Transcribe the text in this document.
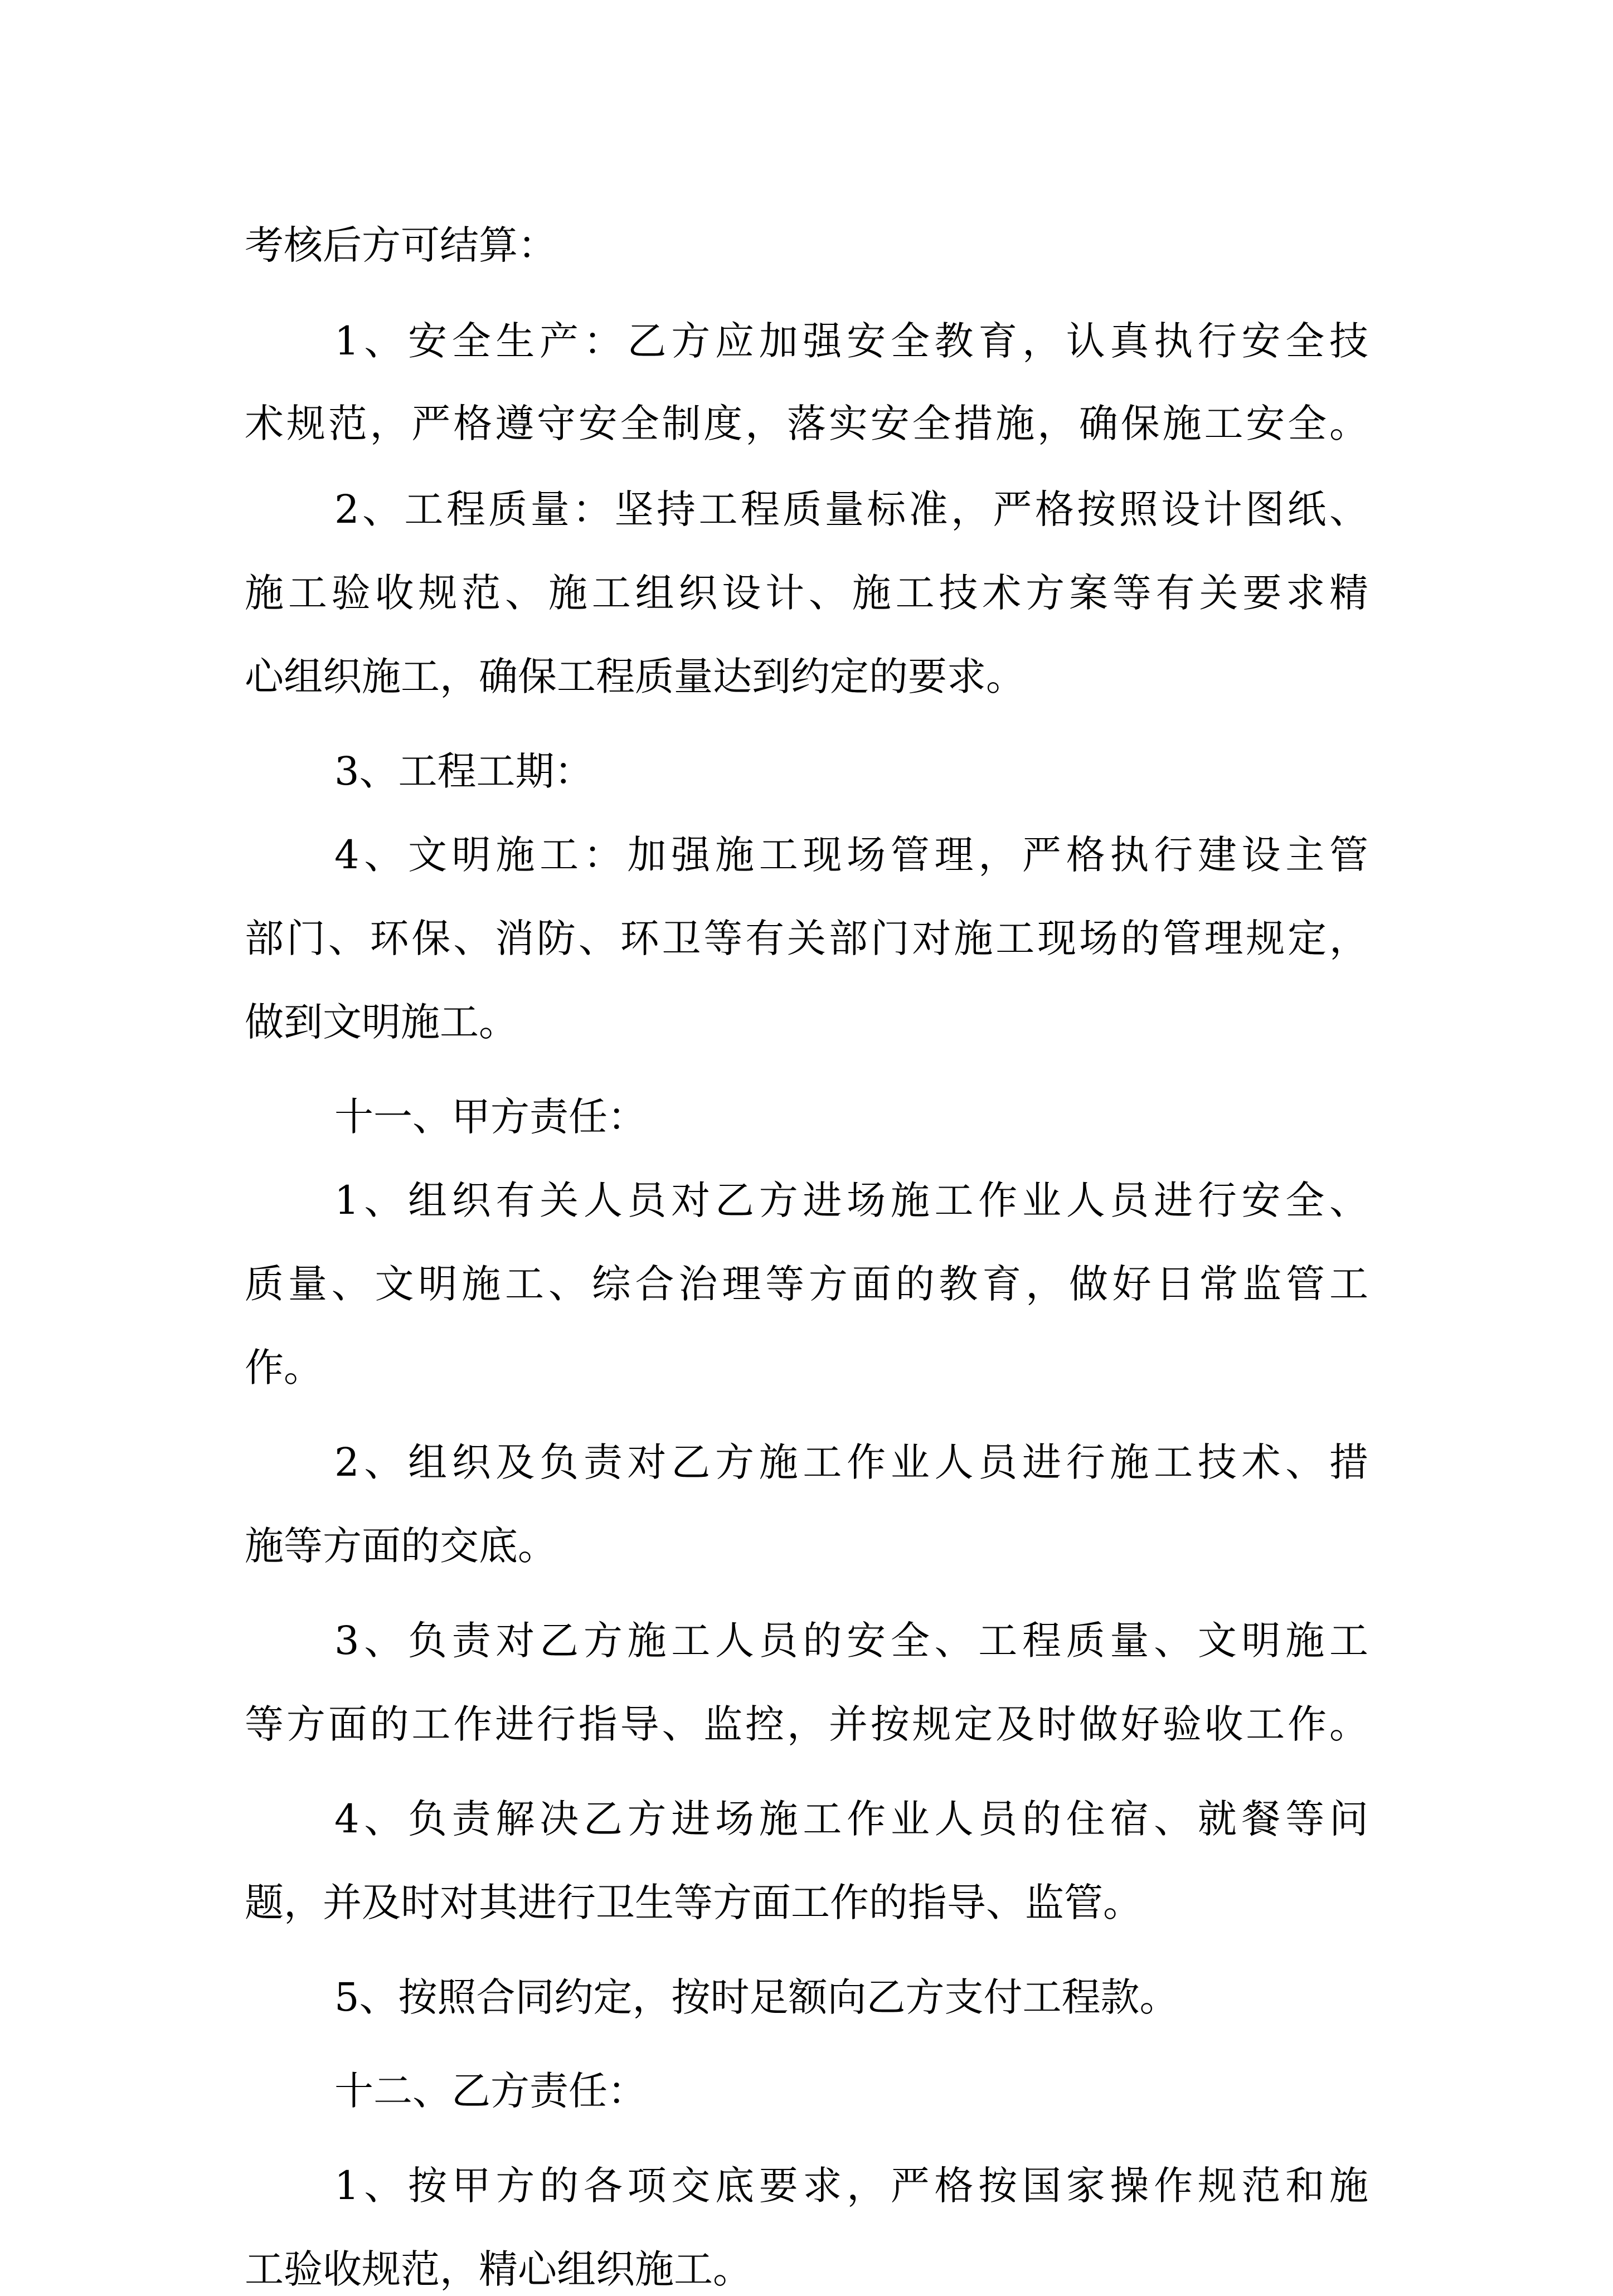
考核后方可结算：

1、安全生产：乙方应加强安全教育，认真执行安全技

术规范，严格遵守安全制度，落实安全措施，确保施工安全。

2、工程质量：坚持工程质量标准，严格按照设计图纸、

施工验收规范、施工组织设计、施工技术方案等有关要求精

心组织施工，确保工程质量达到约定的要求。

3、工程工期：

4、文明施工：加强施工现场管理，严格执行建设主管

部门、环保、消防、环卫等有关部门对施工现场的管理规定，

做到文明施工。

十一、甲方责任：

1、组织有关人员对乙方进场施工作业人员进行安全、

质量、文明施工、综合治理等方面的教育，做好日常监管工

作。

2、组织及负责对乙方施工作业人员进行施工技术、措

施等方面的交底。

3、负责对乙方施工人员的安全、工程质量、文明施工

等方面的工作进行指导、监控，并按规定及时做好验收工作。

4、负责解决乙方进场施工作业人员的住宿、就餐等问

题，并及时对其进行卫生等方面工作的指导、监管。

5、按照合同约定，按时足额向乙方支付工程款。

十二、乙方责任：

1、按甲方的各项交底要求，严格按国家操作规范和施

工验收规范，精心组织施工。
